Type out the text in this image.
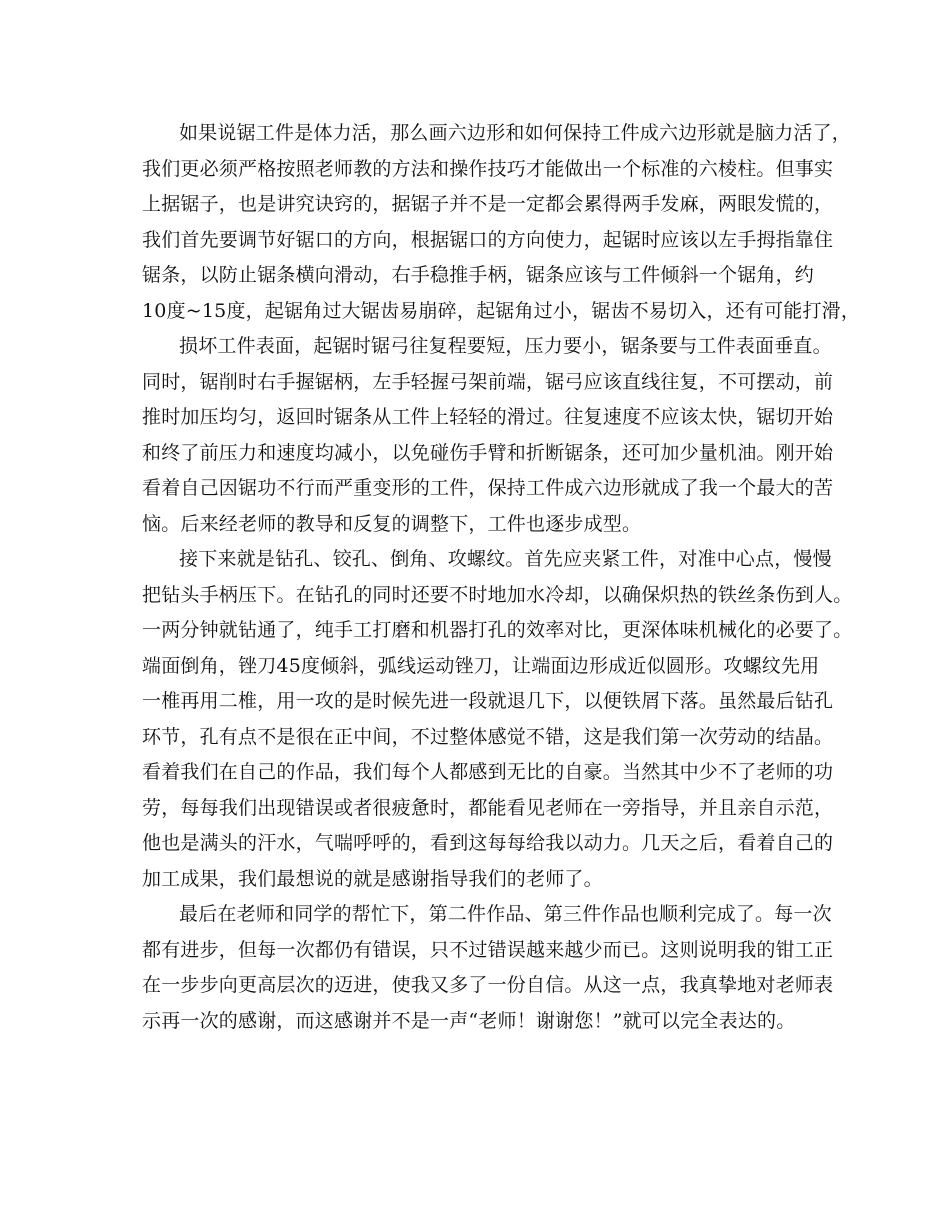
如果说锯工件是体力活，那么画六边形和如何保持工件成六边形就是脑力活了，
我们更必须严格按照老师教的方法和操作技巧才能做出一个标准的六棱柱。但事实
上据锯子，也是讲究诀窍的，据锯子并不是一定都会累得两手发麻，两眼发慌的，
我们首先要调节好锯口的方向，根据锯口的方向使力，起锯时应该以左手拇指靠住
锯条，以防止锯条横向滑动，右手稳推手柄，锯条应该与工件倾斜一个锯角，约
10度~15度，起锯角过大锯齿易崩碎，起锯角过小，锯齿不易切入，还有可能打滑，
损坏工件表面，起锯时锯弓往复程要短，压力要小，锯条要与工件表面垂直。
同时，锯削时右手握锯柄，左手轻握弓架前端，锯弓应该直线往复，不可摆动，前
推时加压均匀，返回时锯条从工件上轻轻的滑过。往复速度不应该太快，锯切开始
和终了前压力和速度均减小，以免碰伤手臂和折断锯条，还可加少量机油。刚开始
看着自己因锯功不行而严重变形的工件，保持工件成六边形就成了我一个最大的苦
恼。后来经老师的教导和反复的调整下，工件也逐步成型。
接下来就是钻孔、铰孔、倒角、攻螺纹。首先应夹紧工件，对准中心点，慢慢
把钻头手柄压下。在钻孔的同时还要不时地加水冷却，以确保炽热的铁丝条伤到人。
一两分钟就钻通了，纯手工打磨和机器打孔的效率对比，更深体味机械化的必要了。
端面倒角，锉刀45度倾斜，弧线运动锉刀，让端面边形成近似圆形。攻螺纹先用
一椎再用二椎，用一攻的是时候先进一段就退几下，以便铁屑下落。虽然最后钻孔
环节，孔有点不是很在正中间，不过整体感觉不错，这是我们第一次劳动的结晶。
看着我们在自己的作品，我们每个人都感到无比的自豪。当然其中少不了老师的功
劳，每每我们出现错误或者很疲惫时，都能看见老师在一旁指导，并且亲自示范，
他也是满头的汗水，气喘呼呼的，看到这每每给我以动力。几天之后，看着自己的
加工成果，我们最想说的就是感谢指导我们的老师了。
最后在老师和同学的帮忙下，第二件作品、第三件作品也顺利完成了。每一次
都有进步，但每一次都仍有错误，只不过错误越来越少而已。这则说明我的钳工正
在一步步向更高层次的迈进，使我又多了一份自信。从这一点，我真挚地对老师表
示再一次的感谢，而这感谢并不是一声“老师！谢谢您！”就可以完全表达的。
